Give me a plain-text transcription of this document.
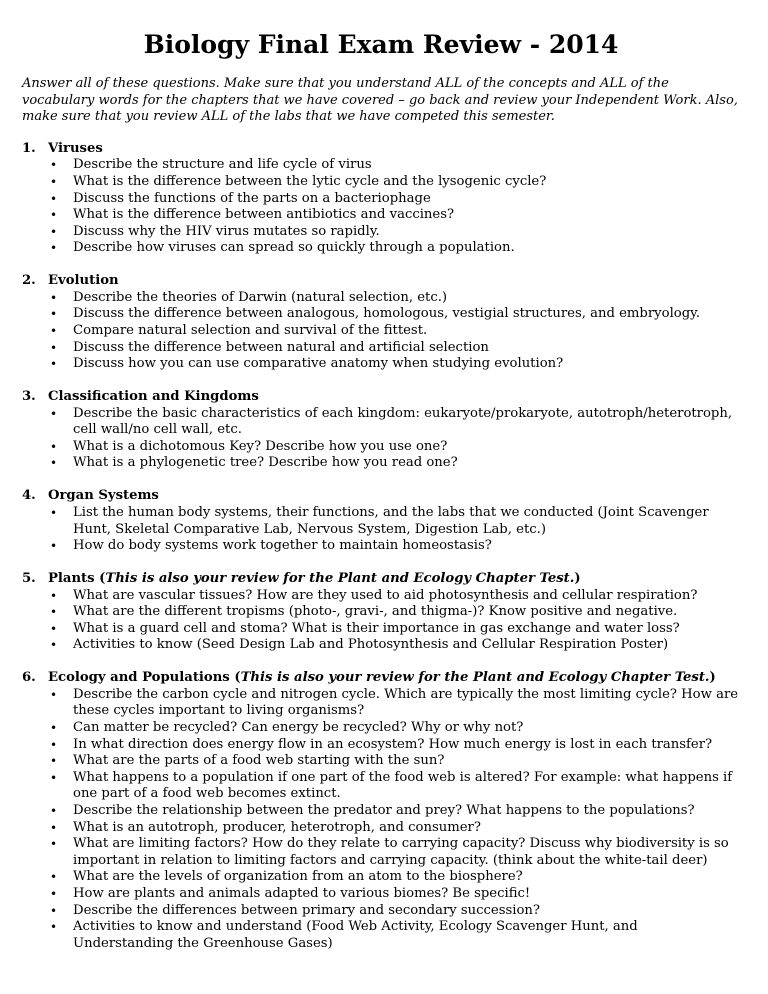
Biology Final Exam Review - 2014

Answer all of these questions. Make sure that you understand ALL of the concepts and ALL of the vocabulary words for the chapters that we have covered – go back and review your Independent Work. Also, make sure that you review ALL of the labs that we have competed this semester.

1. Viruses
•	Describe the structure and life cycle of virus
•	What is the difference between the lytic cycle and the lysogenic cycle?
•	Discuss the functions of the parts on a bacteriophage
•	What is the difference between antibiotics and vaccines?
•	Discuss why the HIV virus mutates so rapidly.
•	Describe how viruses can spread so quickly through a population.
2. Evolution
•	Describe the theories of Darwin (natural selection, etc.)
•	Discuss the difference between analogous, homologous, vestigial structures, and embryology.
•	Compare natural selection and survival of the fittest.
•	Discuss the difference between natural and artificial selection
•	Discuss how you can use comparative anatomy when studying evolution?
3. Classification and Kingdoms
•	Describe the basic characteristics of each kingdom: eukaryote/prokaryote, autotroph/heterotroph, cell wall/no cell wall, etc.
•	What is a dichotomous Key? Describe how you use one?
•	What is a phylogenetic tree? Describe how you read one?
4. Organ Systems
•	List the human body systems, their functions, and the labs that we conducted (Joint Scavenger Hunt, Skeletal Comparative Lab, Nervous System, Digestion Lab, etc.)
•	How do body systems work together to maintain homeostasis?
5. Plants (This is also your review for the Plant and Ecology Chapter Test.)
•	What are vascular tissues? How are they used to aid photosynthesis and cellular respiration?
•	What are the different tropisms (photo-, gravi-, and thigma-)? Know positive and negative.
•	What is a guard cell and stoma? What is their importance in gas exchange and water loss?
•	Activities to know (Seed Design Lab and Photosynthesis and Cellular Respiration Poster)
6. Ecology and Populations (This is also your review for the Plant and Ecology Chapter Test.)
•	Describe the carbon cycle and nitrogen cycle. Which are typically the most limiting cycle? How are these cycles important to living organisms?
•	Can matter be recycled? Can energy be recycled? Why or why not?
•	In what direction does energy flow in an ecosystem? How much energy is lost in each transfer?
•	What are the parts of a food web starting with the sun?
•	What happens to a population if one part of the food web is altered? For example: what happens if one part of a food web becomes extinct.
•	Describe the relationship between the predator and prey? What happens to the populations?
•	What is an autotroph, producer, heterotroph, and consumer?
•	What are limiting factors? How do they relate to carrying capacity? Discuss why biodiversity is so important in relation to limiting factors and carrying capacity. (think about the white-tail deer)
•	What are the levels of organization from an atom to the biosphere?
•	How are plants and animals adapted to various biomes? Be specific!
•	Describe the differences between primary and secondary succession?
•	Activities to know and understand (Food Web Activity, Ecology Scavenger Hunt, and Understanding the Greenhouse Gases)
